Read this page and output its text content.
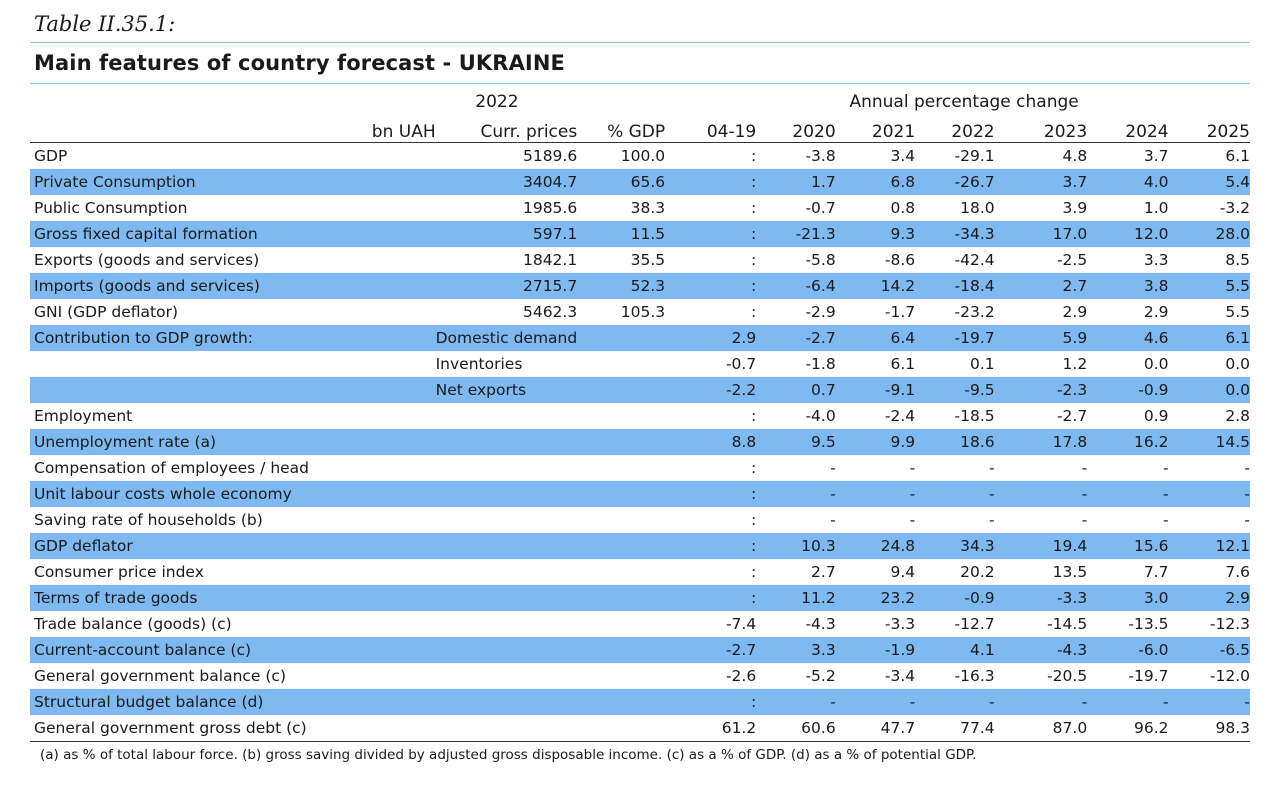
Table II.35.1:
Main features of country forecast - UKRAINE
	2022				Annual percentage change							
	bn UAH	Curr. prices	% GDP		04-19	2020	2021	2022		2023	2024	2025

GDP		5189.6	100.0		:	-3.8	3.4	-29.1		4.8	3.7	6.1
Private Consumption		3404.7	65.6		:	1.7	6.8	-26.7		3.7	4.0	5.4
Public Consumption		1985.6	38.3		:	-0.7	0.8	18.0		3.9	1.0	-3.2
Gross fixed capital formation		597.1	11.5		:	-21.3	9.3	-34.3		17.0	12.0	28.0
Exports (goods and services)		1842.1	35.5		:	-5.8	-8.6	-42.4		-2.5	3.3	8.5
Imports (goods and services)		2715.7	52.3		:	-6.4	14.2	-18.4		2.7	3.8	5.5
GNI (GDP deflator)		5462.3	105.3		:	-2.9	-1.7	-23.2		2.9	2.9	5.5
Contribution to GDP growth:		Domestic demand			2.9	-2.7	6.4	-19.7		5.9	4.6	6.1
		Inventories			-0.7	-1.8	6.1	0.1		1.2	0.0	0.0
		Net exports			-2.2	0.7	-9.1	-9.5		-2.3	-0.9	0.0
Employment					:	-4.0	-2.4	-18.5		-2.7	0.9	2.8
Unemployment rate (a)					8.8	9.5	9.9	18.6		17.8	16.2	14.5
Compensation of employees / head					:	-	-	-		-	-	-
Unit labour costs whole economy					:	-	-	-		-	-	-
Saving rate of households (b)					:	-	-	-		-	-	-
GDP deflator					:	10.3	24.8	34.3		19.4	15.6	12.1
Consumer price index					:	2.7	9.4	20.2		13.5	7.7	7.6
Terms of trade goods					:	11.2	23.2	-0.9		-3.3	3.0	2.9
Trade balance (goods) (c)					-7.4	-4.3	-3.3	-12.7		-14.5	-13.5	-12.3
Current-account balance (c)					-2.7	3.3	-1.9	4.1		-4.3	-6.0	-6.5
General government balance (c)					-2.6	-5.2	-3.4	-16.3		-20.5	-19.7	-12.0
Structural budget balance (d)					:	-	-	-		-	-	-
General government gross debt (c)					61.2	60.6	47.7	77.4		87.0	96.2	98.3
(a) as % of total labour force. (b) gross saving divided by adjusted gross disposable income. (c) as a % of GDP. (d) as a % of potential GDP.
